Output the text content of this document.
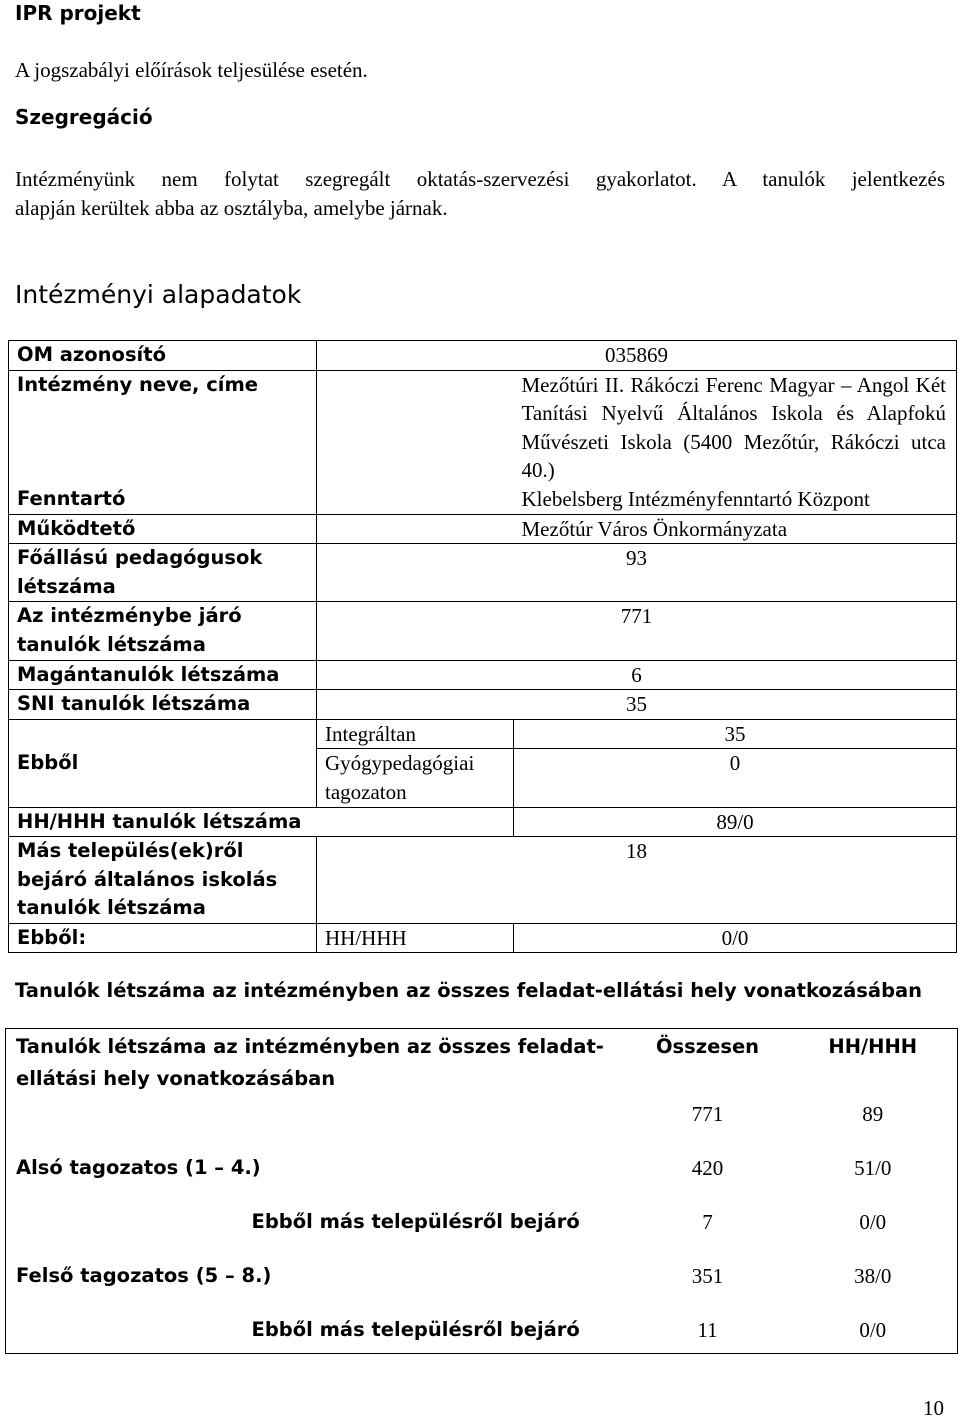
IPR projekt
A jogszabályi előírások teljesülése esetén.
Szegregáció
Intézményünk nem folytat szegregált oktatás-szervezési gyakorlatot. A tanulók jelentkezés
alapján kerültek abba az osztályba, amelybe járnak.
Intézményi alapadatok
OM azonosító	035869	
Intézmény neve, címe		Mezőtúri II. Rákóczi Ferenc Magyar – Angol Két Tanítási Nyelvű Általános Iskola és Alapfokú Művészeti Iskola (5400 Mezőtúr, Rákóczi utca 40.)
Fenntartó		Klebelsberg Intézményfenntartó Központ
Működtető		Mezőtúr Város Önkormányzata
Főállású pedagógusok létszáma	93	
Az intézménybe járó tanulók létszáma	771	
Magántanulók létszáma	6	
SNI tanulók létszáma	35	
Ebből	Integráltan	35
	Gyógypedagógiai tagozaton	0
HH/HHH tanulók létszáma		89/0
Más település(ek)ről bejáró általános iskolás tanulók létszáma	18	
Ebből:	HH/HHH	0/0
Tanulók létszáma az intézményben az összes feladat-ellátási hely vonatkozásában
Tanulók létszáma az intézményben az összes feladat-
ellátási hely vonatkozásában		Összesen	HH/HHH
		771	89
Alsó tagozatos (1 – 4.)		420	51/0
	Ebből más településről bejáró	7	0/0
Felső tagozatos (5 – 8.)		351	38/0
	Ebből más településről bejáró	11	0/0
10
